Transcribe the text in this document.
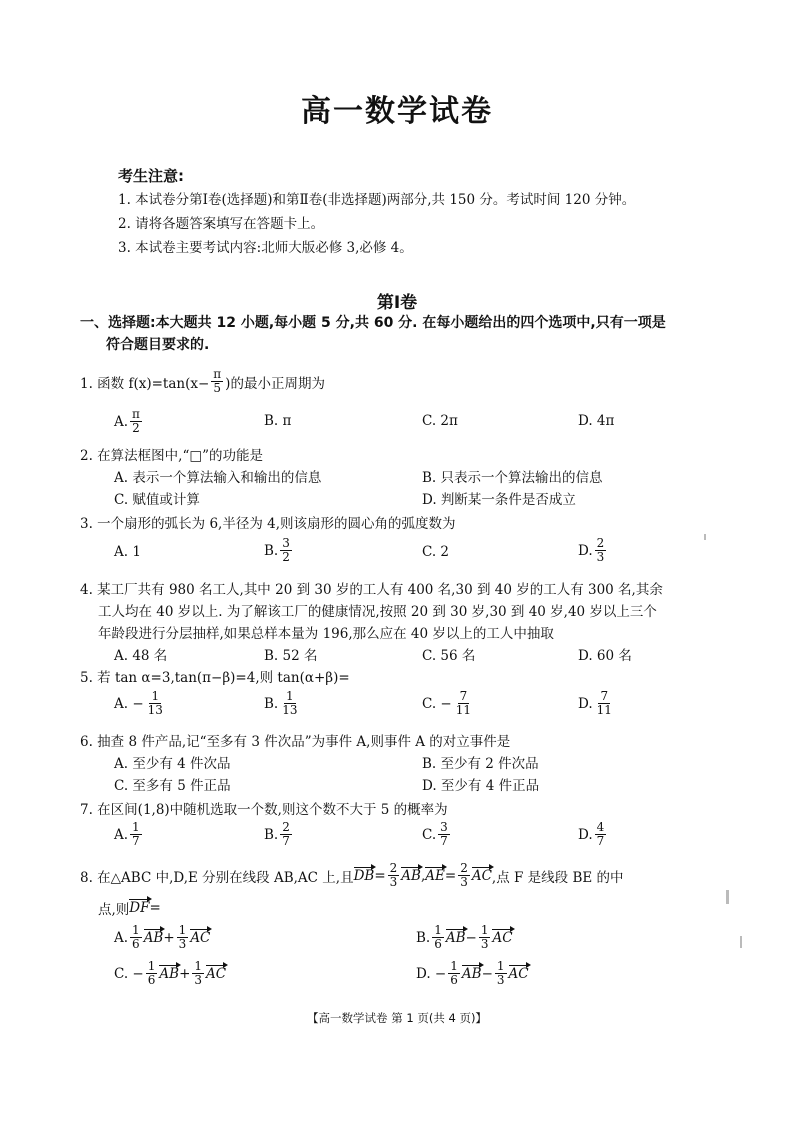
高一数学试卷
考生注意:
1. 本试卷分第Ⅰ卷(选择题)和第Ⅱ卷(非选择题)两部分,共 150 分。考试时间 120 分钟。
2. 请将各题答案填写在答题卡上。
3. 本试卷主要考试内容:北师大版必修 3,必修 4。
第Ⅰ卷
一、选择题:本大题共 12 小题,每小题 5 分,共 60 分. 在每小题给出的四个选项中,只有一项是
符合题目要求的.
1. 函数 $f(x)=\tan(x- \frac{\pi}{5}$ )的最小正周期为
A. $\frac{\pi}{2}$	B. π	C. 2π	D. 4π
2. 在算法框图中,“□”的功能是
A. 表示一个算法输入和输出的信息	B. 只表示一个算法输出的信息
C. 赋值或计算	D. 判断某一条件是否成立
3. 一个扇形的弧长为 6,半径为 4,则该扇形的圆心角的弧度数为
A. 1	B. $\frac{3}{2}$	C. 2	D. $\frac{2}{3}$
4. 某工厂共有 980 名工人,其中 20 到 30 岁的工人有 400 名,30 到 40 岁的工人有 300 名,其余
工人均在 40 岁以上. 为了解该工厂的健康情况,按照 20 到 30 岁,30 到 40 岁,40 岁以上三个
年龄段进行分层抽样,如果总样本量为 196,那么应在 40 岁以上的工人中抽取
A. 48 名	B. 52 名	C. 56 名	D. 60 名
5. 若 tan α=3,tan(π−β)=4,则 tan(α+β)=
A. − $\frac{1}{13}$	B. $\frac{1}{13}$	C. − $\frac{7}{11}$	D. $\frac{7}{11}$
6. 抽查 8 件产品,记“至多有 3 件次品”为事件 A,则事件 A 的对立事件是
A. 至少有 4 件次品	B. 至少有 2 件次品
C. 至多有 5 件正品	D. 至少有 4 件正品
7. 在区间(1,8)中随机选取一个数,则这个数不大于 5 的概率为
A. $\frac{1}{7}$	B. $\frac{2}{7}$	C. $\frac{3}{7}$	D. $\frac{4}{7}$
8. 在△ABC 中,D,E 分别在线段 AB,AC 上,且 DB = $\frac{2}{3}$ AB , AE = $\frac{2}{3}$ AC ,点 F 是线段 BE 的中
点,则 DF =
A. $\frac{1}{6}$ AB + $\frac{1}{3}$ AC	B. $\frac{1}{6}$ AB − $\frac{1}{3}$ AC
C. − $\frac{1}{6}$ AB + $\frac{1}{3}$ AC	D. − $\frac{1}{6}$ AB − $\frac{1}{3}$ AC
【高一数学试卷 第 1 页(共 4 页)】
